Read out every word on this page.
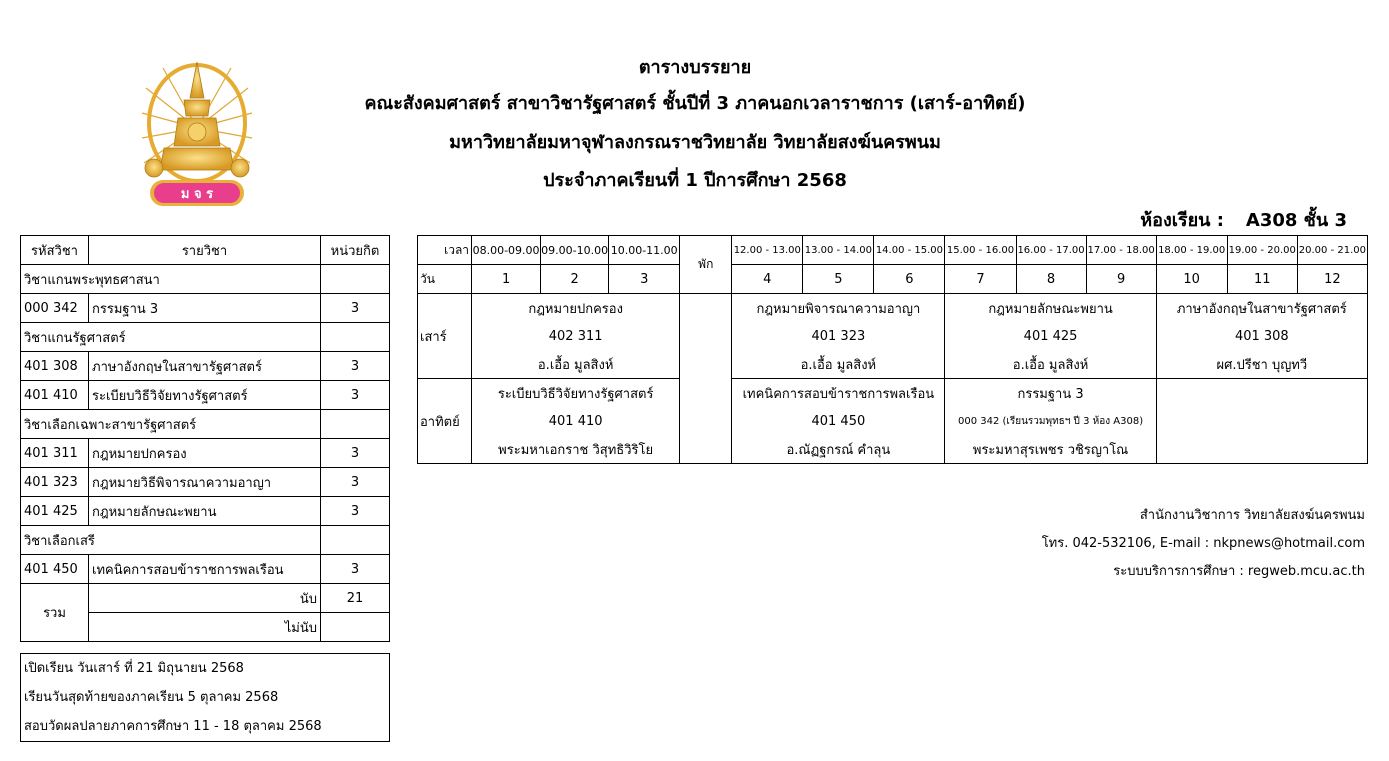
ม จ ร
ตารางบรรยาย
คณะสังคมศาสตร์ สาขาวิชารัฐศาสตร์ ชั้นปีที่ 3 ภาคนอกเวลาราชการ (เสาร์-อาทิตย์)
มหาวิทยาลัยมหาจุฬาลงกรณราชวิทยาลัย วิทยาลัยสงฆ์นครพนม
ประจำภาคเรียนที่ 1 ปีการศึกษา 2568
ห้องเรียน : A308 ชั้น 3
รหัสวิชา	รายวิชา	หน่วยกิต
วิชาแกนพระพุทธศาสนา		
000 342	กรรมฐาน 3	3
วิชาแกนรัฐศาสตร์		
401 308	ภาษาอังกฤษในสาขารัฐศาสตร์	3
401 410	ระเบียบวิธีวิจัยทางรัฐศาสตร์	3
วิชาเลือกเฉพาะสาขารัฐศาสตร์		
401 311	กฎหมายปกครอง	3
401 323	กฎหมายวิธีพิจารณาความอาญา	3
401 425	กฎหมายลักษณะพยาน	3
วิชาเลือกเสรี		
401 450	เทคนิคการสอบข้าราชการพลเรือน	3
รวม	นับ	21
	ไม่นับ	
เวลา	08.00-09.00	09.00-10.00	10.00-11.00	พัก	12.00 - 13.00	13.00 - 14.00	14.00 - 15.00	15.00 - 16.00	16.00 - 17.00	17.00 - 18.00	18.00 - 19.00	19.00 - 20.00	20.00 - 21.00
วัน	1	2	3		4	5	6	7	8	9	10	11	12
เสาร์	กฎหมายปกครอง				กฎหมายพิจารณาความอาญา			กฎหมายลักษณะพยาน			ภาษาอังกฤษในสาขารัฐศาสตร์		
	402 311				401 323			401 425			401 308		
	อ.เอื้อ มูลสิงห์				อ.เอื้อ มูลสิงห์			อ.เอื้อ มูลสิงห์			ผศ.ปรีชา บุญทวี		
อาทิตย์	ระเบียบวิธีวิจัยทางรัฐศาสตร์				เทคนิคการสอบข้าราชการพลเรือน			กรรมฐาน 3					
	401 410				401 450			000 342 (เรียนรวมพุทธฯ ปี 3 ห้อง A308)					
	พระมหาเอกราช วิสุทธิวิริโย				อ.ณัฏฐกรณ์ คำลุน			พระมหาสุรเพชร วชิรญาโณ					
สำนักงานวิชาการ วิทยาลัยสงฆ์นครพนม
โทร. 042-532106, E-mail : nkpnews@hotmail.com
ระบบบริการการศึกษา : regweb.mcu.ac.th
เปิดเรียน วันเสาร์ ที่ 21 มิถุนายน 2568
เรียนวันสุดท้ายของภาคเรียน 5 ตุลาคม 2568
สอบวัดผลปลายภาคการศึกษา 11 - 18 ตุลาคม 2568
